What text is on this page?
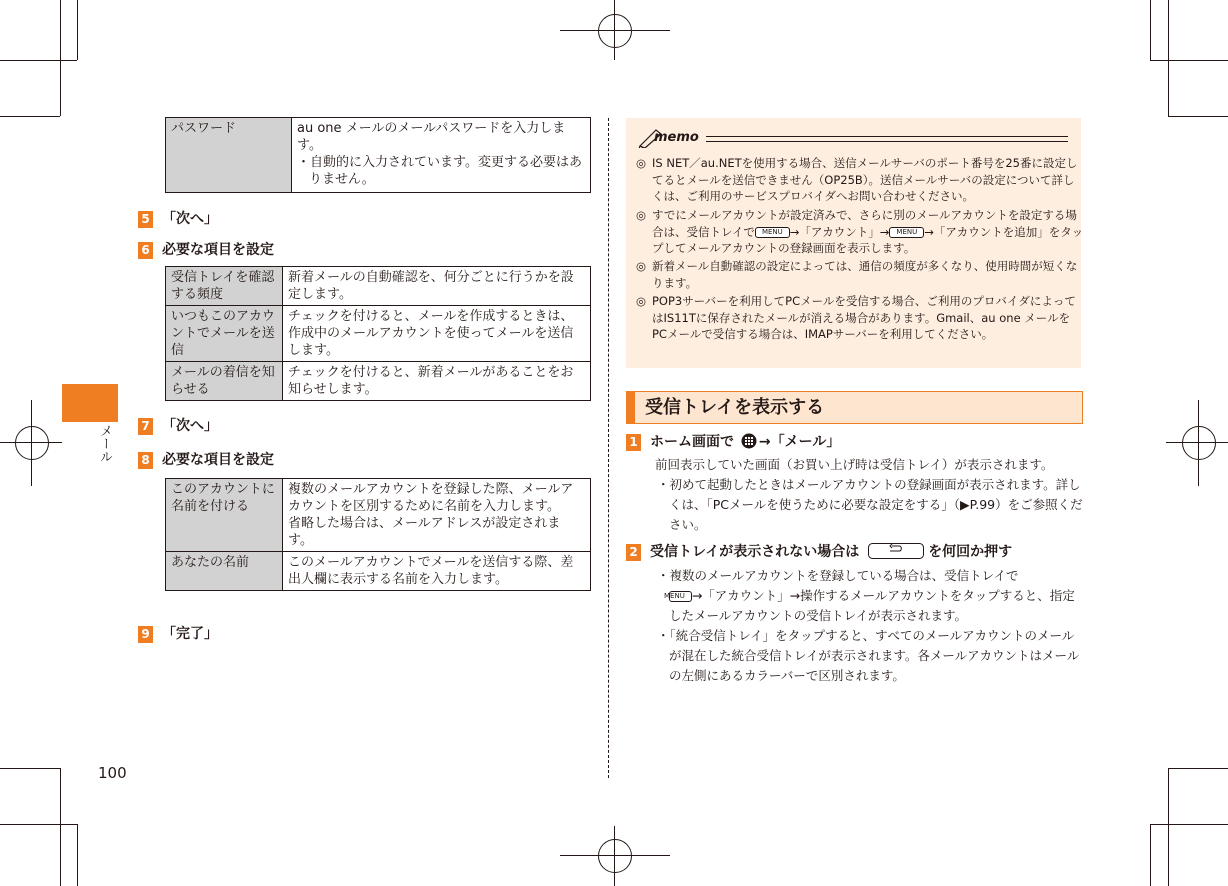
メール
100
パスワード	au one メールのメールパスワードを入力します。
・自動的に入力されています。変更する必要はありません。
5 「次へ」
6 必要な項目を設定
受信トレイを確認する頻度	新着メールの自動確認を、何分ごとに行うかを設定します。
いつもこのアカウントでメールを送信	チェックを付けると、メールを作成するときは、作成中のメールアカウントを使ってメールを送信します。
メールの着信を知らせる	チェックを付けると、新着メールがあることをお知らせします。
7 「次へ」
8 必要な項目を設定
このアカウントに名前を付ける	複数のメールアカウントを登録した際、メールアカウントを区別するために名前を入力します。
省略した場合は、メールアドレスが設定されます。

あなたの名前	このメールアカウントでメールを送信する際、差出人欄に表示する名前を入力します。
9 「完了」
memo
◎ IS NET／au.NETを使用する場合、送信メールサーバのポート番号を25番に設定してるとメールを送信できません（OP25B）。送信メールサーバの設定について詳しくは、ご利用のサービスプロバイダへお問い合わせください。
◎ すでにメールアカウントが設定済みで、さらに別のメールアカウントを設定する場合は、受信トレイで MENU →「アカウント」→ MENU →「アカウントを追加」をタップしてメールアカウントの登録画面を表示します。
◎ 新着メール自動確認の設定によっては、通信の頻度が多くなり、使用時間が短くなります。
◎ POP3サーバーを利用してPCメールを受信する場合、ご利用のプロバイダによってはIS11Tに保存されたメールが消える場合があります。Gmail、au one メールをPCメールで受信する場合は、IMAPサーバーを利用してください。
受信トレイを表示する
1 ホーム画面で →「メール」
前回表示していた画面（お買い上げ時は受信トレイ）が表示されます。
・初めて起動したときはメールアカウントの登録画面が表示されます。詳しくは、「PCメールを使うために必要な設定をする」（▶P.99）をご参照ください。
2 受信トレイが表示されない場合は	を何回か押す
・複数のメールアカウントを登録している場合は、受信トレイで
MENU →「アカウント」→操作するメールアカウントをタップすると、指定したメールアカウントの受信トレイが表示されます。
・「統合受信トレイ」をタップすると、すべてのメールアカウントのメールが混在した統合受信トレイが表示されます。各メールアカウントはメールの左側にあるカラーバーで区別されます。
